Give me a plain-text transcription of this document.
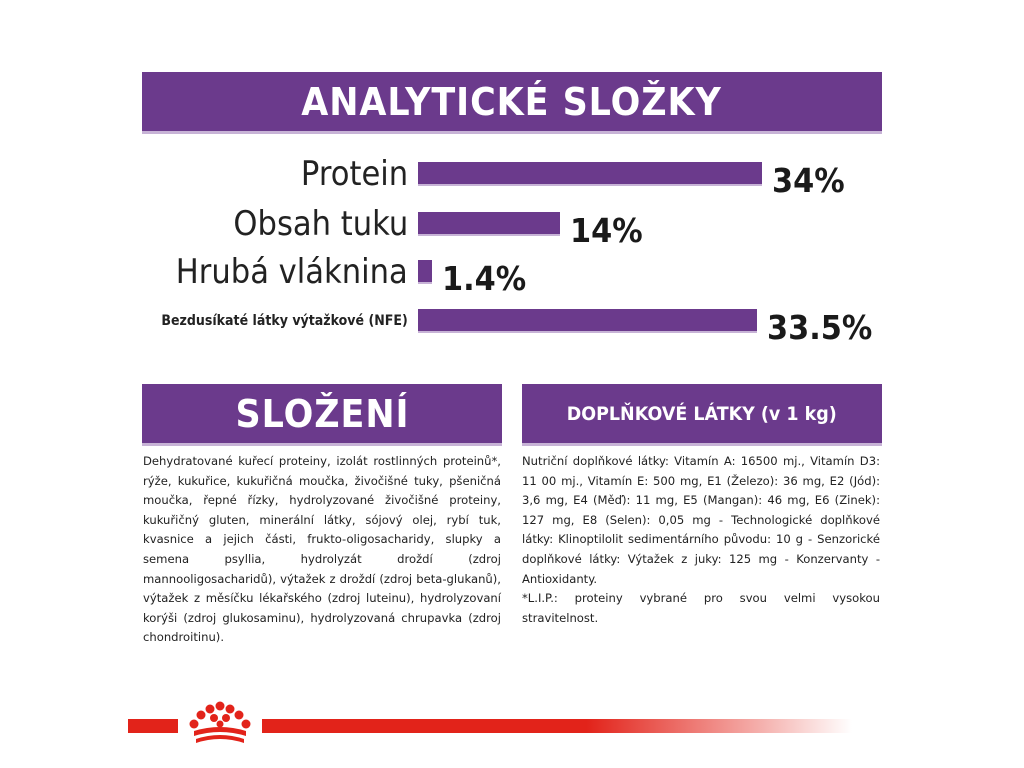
ANALYTICKÉ SLOŽKY
Protein	34%
Obsah tuku	14%
Hrubá vláknina 1.4%
Bezdusíkaté látky výtažkové (NFE)	33.5%
SLOŽENÍ

Dehydratované kuřecí proteiny, izolát rostlinných proteinů*, rýže, kukuřice, kukuřičná moučka, živočišné tuky, pšeničná moučka, řepné řízky, hydrolyzované živočišné proteiny, kukuřičný gluten, minerální látky, sójový olej, rybí tuk, kvasnice a jejich části, frukto-oligosacharidy, slupky a semena psyllia, hydrolyzát droždí (zdroj mannooligosacharidů), výtažek z droždí (zdroj beta-glukanů), výtažek z měsíčku lékařského (zdroj luteinu), hydrolyzovaní korýši (zdroj glukosaminu), hydrolyzovaná chrupavka (zdroj chondroitinu).

DOPLŇKOVÉ LÁTKY (v 1 kg)

Nutriční doplňkové látky: Vitamín A: 16500 mj., Vitamín D3: 11 00 mj., Vitamín E: 500 mg, E1 (Železo): 36 mg, E2 (Jód): 3,6 mg, E4 (Měď): 11 mg, E5 (Mangan): 46 mg, E6 (Zinek): 127 mg, E8 (Selen): 0,05 mg - Technologické doplňkové látky: Klinoptilolit sedimentárního původu: 10 g - Senzorické doplňkové látky: Výtažek z juky: 125 mg - Konzervanty - Antioxidanty.

*L.I.P.: proteiny vybrané pro svou velmi vysokou stravitelnost.
